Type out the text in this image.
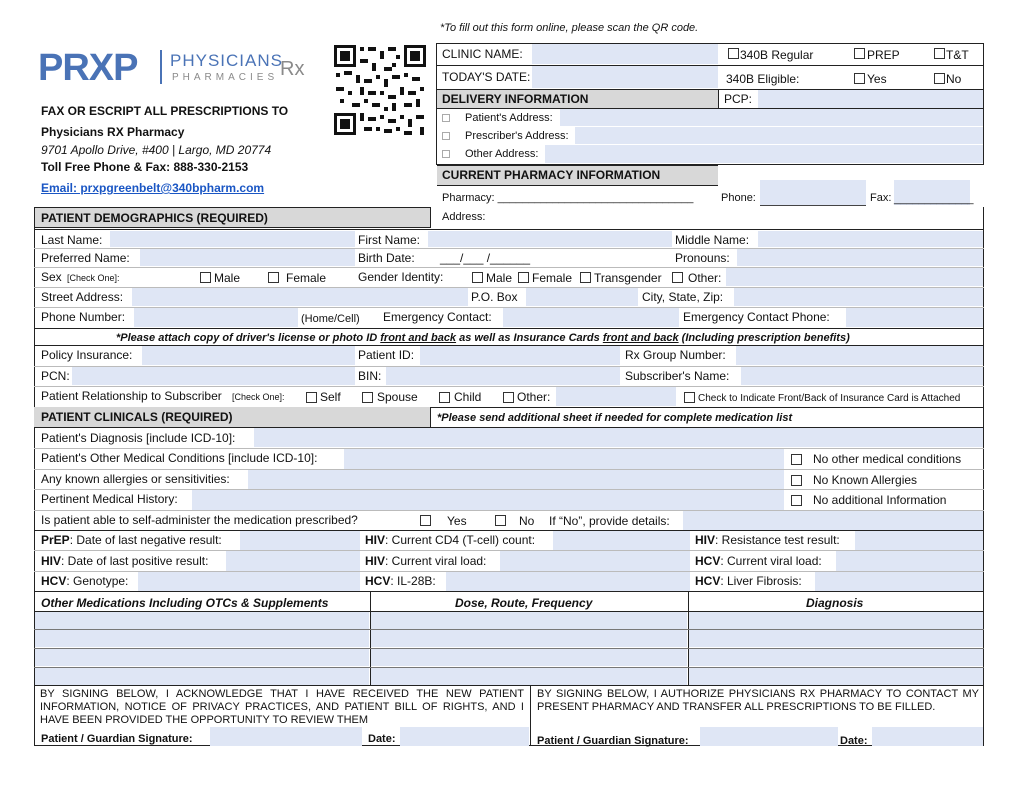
*To fill out this form online, please scan the QR code.
PRXP PHYSICIANS
Rx
PHARMACIES
FAX OR ESCRIPT ALL PRESCRIPTIONS TO
Physicians RX Pharmacy
9701 Apollo Drive, #400 | Largo, MD 20774
Toll Free Phone & Fax: 888-330-2153
Email: prxpgreenbelt@340bpharm.com
CLINIC NAME:	340B Regular	PREP	T&T
TODAY'S DATE:	340B Eligible:	Yes	No
DELIVERY INFORMATION	PCP:
Patient's Address:
Prescriber's Address:
Other Address:
CURRENT PHARMACY INFORMATION
Pharmacy: ________________________________	Phone:	Fax: _____________
Address:
PATIENT DEMOGRAPHICS (REQUIRED)
Last Name:	First Name:	Middle Name:
Preferred Name:	Birth Date: ___/___ /______	Pronouns:
Sex [Check One]:	Male	Female	Gender Identity:	Male Female Transgender Other:
Street Address:	P.O. Box	City, State, Zip:
Phone Number:	(Home/Cell) Emergency Contact:	Emergency Contact Phone:
*Please attach copy of driver's license or photo ID front and back as well as Insurance Cards front and back (Including prescription benefits)
Policy Insurance:	Patient ID:	Rx Group Number:
PCN:	BIN:	Subscriber's Name:
Patient Relationship to Subscriber [Check One]:	Self	Spouse	Child	Other:	Check to Indicate Front/Back of Insurance Card is Attached
PATIENT CLINICALS (REQUIRED)	*Please send additional sheet if needed for complete medication list
Patient's Diagnosis [include ICD-10]:
Patient's Other Medical Conditions [include ICD-10]:	No other medical conditions
Any known allergies or sensitivities:	No Known Allergies
Pertinent Medical History:	No additional Information
Is patient able to self-administer the medication prescribed?	Yes	No If “No”, provide details:
PrEP: Date of last negative result:	HIV: Current CD4 (T-cell) count:	HIV: Resistance test result:
HIV: Date of last positive result:	HIV: Current viral load:	HCV: Current viral load:
HCV: Genotype:	HCV: IL-28B:	HCV: Liver Fibrosis:
Other Medications Including OTCs & Supplements	Dose, Route, Frequency	Diagnosis
BY SIGNING BELOW, I ACKNOWLEDGE THAT I HAVE RECEIVED THE NEW PATIENT INFORMATION, NOTICE OF PRIVACY PRACTICES, AND PATIENT BILL OF RIGHTS, AND I HAVE BEEN PROVIDED THE OPPORTUNITY TO REVIEW THEM
BY SIGNING BELOW, I AUTHORIZE PHYSICIANS RX PHARMACY TO CONTACT MY PRESENT PHARMACY AND TRANSFER ALL PRESCRIPTIONS TO BE FILLED.
Patient / Guardian Signature:	Date:	Patient / Guardian Signature:	Date:
